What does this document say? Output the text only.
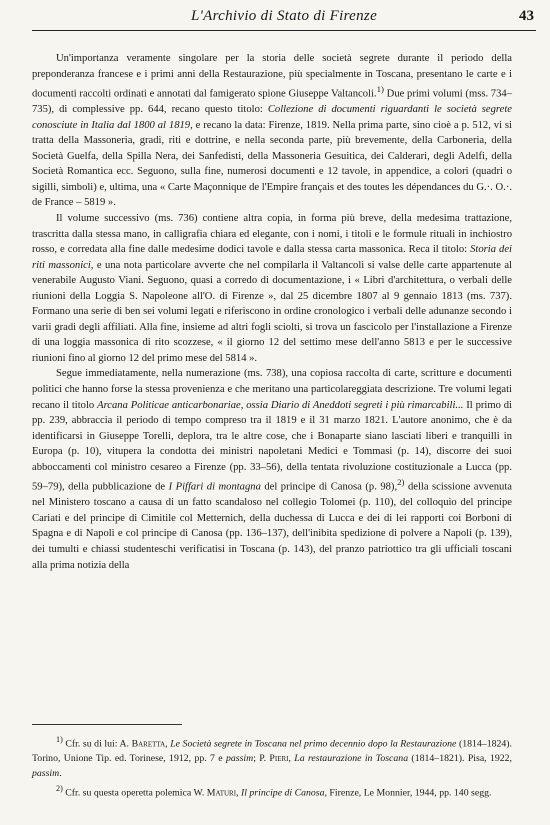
L'Archivio di Stato di Firenze	43

Un'importanza veramente singolare per la storia delle società segrete durante il periodo della preponderanza francese e i primi anni della Restaurazione, più specialmente in Toscana, presentano le carte e i documenti raccolti ordinati e annotati dal famigerato spione Giuseppe Valtancoli.$^{1)}$ Due primi volumi (mss. 734–735), di complessive pp. 644, recano questo titolo: Collezione di documenti riguardanti le società segrete conosciute in Italia dal 1800 al 1819, e recano la data: Firenze, 1819. Nella prima parte, sino cioè a p. 512, vi si tratta della Massoneria, gradi, riti e dottrine, e nella seconda parte, più brevemente, della Carboneria, della Società Guelfa, della Spilla Nera, dei Sanfedisti, della Massoneria Gesuitica, dei Calderari, degli Adelfi, della Società Romantica ecc. Seguono, sulla fine, numerosi documenti e 12 tavole, in appendice, a colori (quadri o sigilli, simboli) e, ultima, una « Carte Maçonnique de l'Empire français et des toutes les dépendances du G.·. O.·. de France – 5819 ».

Il volume successivo (ms. 736) contiene altra copia, in forma più breve, della medesima trattazione, trascritta dalla stessa mano, in calligrafia chiara ed elegante, con i nomi, i titoli e le formule rituali in inchiostro rosso, e corredata alla fine dalle medesime dodici tavole e dalla stessa carta massonica. Reca il titolo: Storia dei riti massonici, e una nota particolare avverte che nel compilarla il Valtancoli si valse delle carte appartenute al venerabile Augusto Viani. Seguono, quasi a corredo di documentazione, i « Libri d'architettura, o verbali delle riunioni della Loggia S. Napoleone all'O. di Firenze », dal 25 dicembre 1807 al 9 gennaio 1813 (ms. 737). Formano una serie di ben sei volumi legati e riferiscono in ordine cronologico i verbali delle adunanze secondo i varii gradi degli affiliati. Alla fine, insieme ad altri fogli sciolti, si trova un fascicolo per l'installazione a Firenze di una loggia massonica di rito scozzese, « il giorno 12 del settimo mese dell'anno 5813 e per le successive riunioni fino al giorno 12 del primo mese del 5814 ».

Segue immediatamente, nella numerazione (ms. 738), una copiosa raccolta di carte, scritture e documenti politici che hanno forse la stessa provenienza e che meritano una particolareggiata descrizione. Tre volumi legati recano il titolo Arcana Politicae anticarbonariae, ossia Diario di Aneddoti segreti i più rimarcabili... Il primo di pp. 239, abbraccia il periodo di tempo compreso tra il 1819 e il 31 marzo 1821. L'autore anonimo, che è da identificarsi in Giuseppe Torelli, deplora, tra le altre cose, che i Bonaparte siano lasciati liberi e tranquilli in Europa (p. 10), vitupera la condotta dei ministri napoletani Medici e Tommasi (p. 14), discorre dei suoi abboccamenti col ministro cesareo a Firenze (pp. 33–56), della tentata rivoluzione costituzionale a Lucca (pp. 59–79), della pubblicazione de I Piffari di montagna del principe di Canosa (p. 98),$^{2)}$ della scissione avvenuta nel Ministero toscano a causa di un fatto scandaloso nel collegio Tolomei (p. 110), del colloquio del principe Cariati e del principe di Cimitile col Metternich, della duchessa di Lucca e dei di lei rapporti coi Borboni di Spagna e di Napoli e col principe di Canosa (pp. 136–137), dell'inibita spedizione di polvere a Napoli (p. 139), dei tumulti e chiassi studenteschi verificatisi in Toscana (p. 143), del pranzo patriottico tra gli ufficiali toscani alla prima notizia della

$^{1)}$ Cfr. su di lui: A. Baretta, Le Società segrete in Toscana nel primo decennio dopo la Restaurazione (1814–1824). Torino, Unione Tip. ed. Torinese, 1912, pp. 7 e passim; P. Pieri, La restaurazione in Toscana (1814–1821). Pisa, 1922, passim.

$^{2)}$ Cfr. su questa operetta polemica W. Maturi, Il principe di Canosa, Firenze, Le Monnier, 1944, pp. 140 segg.
